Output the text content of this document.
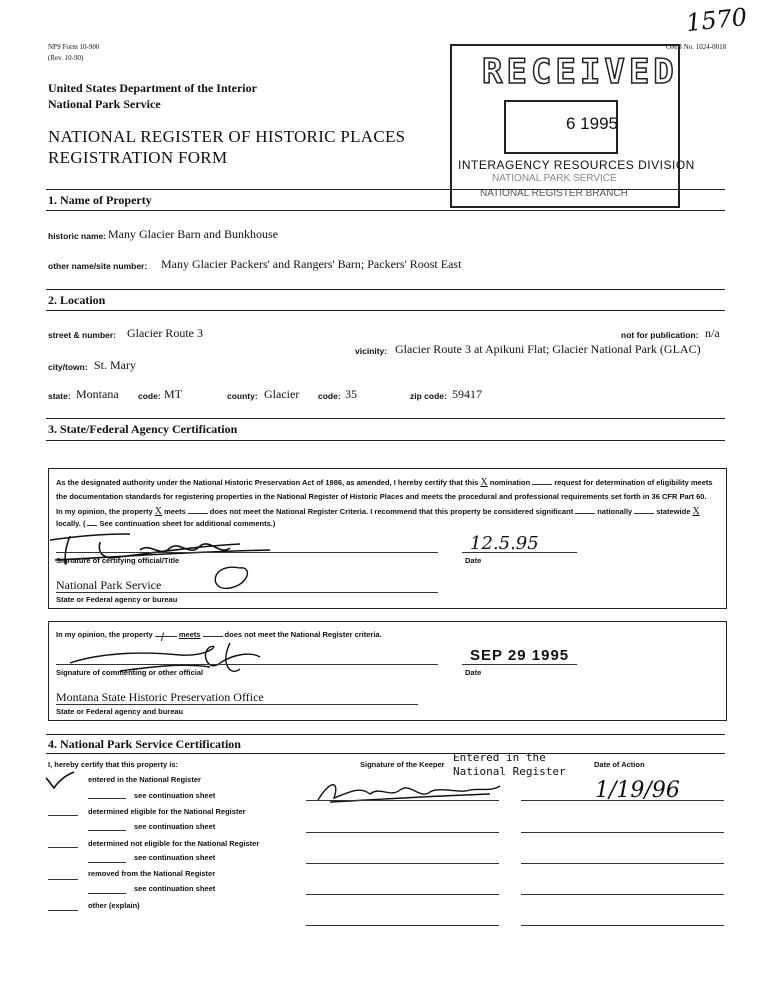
1570
NPS Form 10-900
(Rev. 10-90)
OMB No. 1024-0018
United States Department of the Interior
National Park Service
NATIONAL REGISTER OF HISTORIC PLACES
REGISTRATION FORM
RECEIVED
6 1995
INTERAGENCY RESOURCES DIVISION
NATIONAL PARK SERVICE
NATIONAL REGISTER BRANCH
1. Name of Property
historic name: Many Glacier Barn and Bunkhouse
other name/site number: Many Glacier Packers' and Rangers' Barn; Packers' Roost East
2. Location
street & number: Glacier Route 3	not for publication: n/a
vicinity: Glacier Route 3 at Apikuni Flat; Glacier National Park (GLAC)
city/town: St. Mary
state: Montana code: MT	county: Glacier code: 35	zip code: 59417
3. State/Federal Agency Certification
As the designated authority under the National Historic Preservation Act of 1986, as amended, I hereby certify that this X nomination	request for determination of eligibility meets
the documentation standards for registering properties in the National Register of Historic Places and meets the procedural and professional requirements set forth in 36 CFR Part 60.
In my opinion, the property X meets	does not meet the National Register Criteria. I recommend that this property be considered significant	nationally	statewide X
locally. ( See continuation sheet for additional comments.)
Signature of certifying official/Title
12.5.95
Date
National Park Service
State or Federal agency or bureau
In my opinion, the property / meets	does not meet the National Register criteria.
SEP 29 1995
Signature of commenting or other official	Date
Montana State Historic Preservation Office
State or Federal agency and bureau
4. National Park Service Certification
I, hereby certify that this property is:	Signature of the Keeper
Entered in the
National Register
Date of Action
1/19/96
entered in the National Register
see continuation sheet
determined eligible for the National Register
see continuation sheet
determined not eligible for the National Register
see continuation sheet
removed from the National Register
see continuation sheet
other (explain)
